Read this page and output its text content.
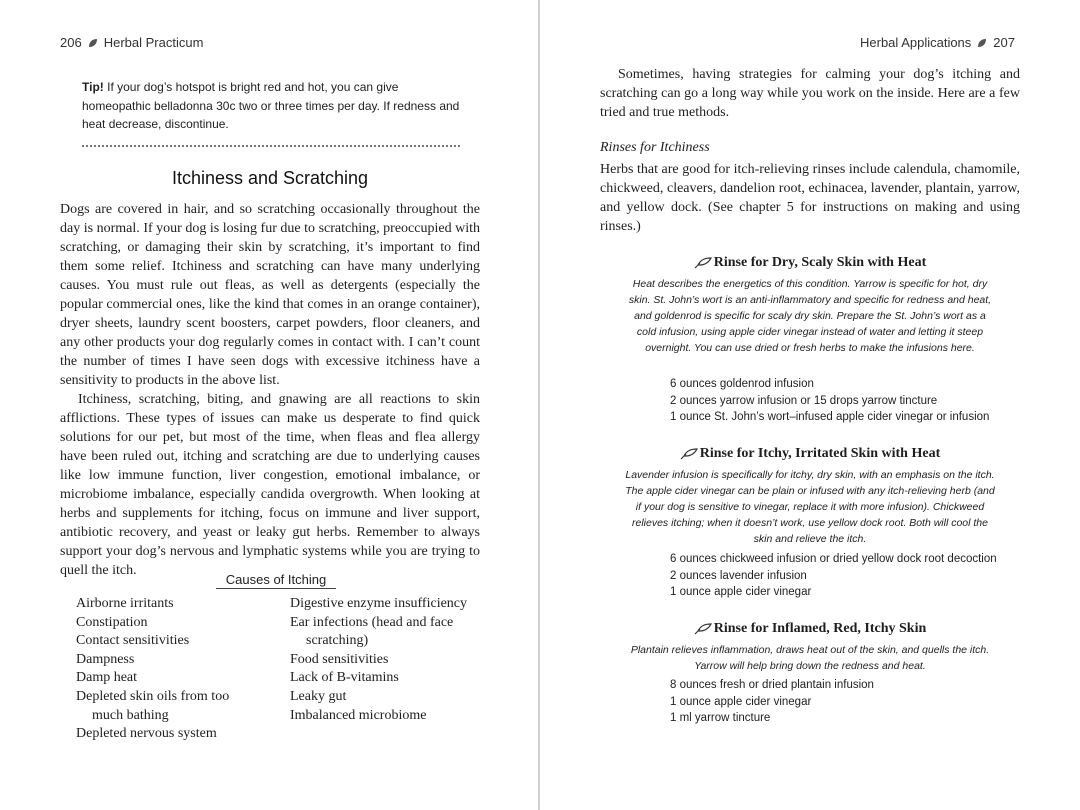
206 Herbal Practicum
Tip! If your dog’s hotspot is bright red and hot, you can give homeopathic belladonna 30c two or three times per day. If redness and heat decrease, discontinue.
Itchiness and Scratching

Dogs are covered in hair, and so scratching occasionally throughout the day is normal. If your dog is losing fur due to scratching, preoccupied with scratching, or damaging their skin by scratching, it’s important to find them some relief. Itchiness and scratching can have many underlying causes. You must rule out fleas, as well as detergents (especially the popular commercial ones, like the kind that comes in an orange container), dryer sheets, laundry scent boosters, carpet powders, floor cleaners, and any other products your dog regularly comes in contact with. I can’t count the number of times I have seen dogs with excessive itchiness have a sensitivity to products in the above list.

Itchiness, scratching, biting, and gnawing are all reactions to skin afflictions. These types of issues can make us desperate to find quick solutions for our pet, but most of the time, when fleas and flea allergy have been ruled out, itching and scratching are due to underlying causes like low immune function, liver congestion, emotional imbalance, or microbiome imbalance, especially candida overgrowth. When looking at herbs and supplements for itching, focus on immune and liver support, antibiotic recovery, and yeast or leaky gut herbs. Remember to always support your dog’s nervous and lymphatic systems while you are trying to quell the itch.

Causes of Itching
Airborne irritants
Constipation
Contact sensitivities
Dampness
Damp heat
Depleted skin oils from too much bathing
Depleted nervous system
Digestive enzyme insufficiency
Ear infections (head and face scratching)
Food sensitivities
Lack of B-vitamins
Leaky gut
Imbalanced microbiome
Herbal Applications 207

Sometimes, having strategies for calming your dog’s itching and scratching can go a long way while you work on the inside. Here are a few tried and true methods.

Rinses for Itchiness

Herbs that are good for itch-relieving rinses include calendula, chamomile, chickweed, cleavers, dandelion root, echinacea, lavender, plantain, yarrow, and yellow dock. (See chapter 5 for instructions on making and using rinses.)

Rinse for Dry, Scaly Skin with Heat

Heat describes the energetics of this condition. Yarrow is specific for hot, dry skin. St. John’s wort is an anti-inflammatory and specific for redness and heat, and goldenrod is specific for scaly dry skin. Prepare the St. John’s wort as a cold infusion, using apple cider vinegar instead of water and letting it steep overnight. You can use dried or fresh herbs to make the infusions here.

6 ounces goldenrod infusion
2 ounces yarrow infusion or 15 drops yarrow tincture
1 ounce St. John’s wort–infused apple cider vinegar or infusion
Rinse for Itchy, Irritated Skin with Heat

Lavender infusion is specifically for itchy, dry skin, with an emphasis on the itch. The apple cider vinegar can be plain or infused with any itch-relieving herb (and if your dog is sensitive to vinegar, replace it with more infusion). Chickweed relieves itching; when it doesn’t work, use yellow dock root. Both will cool the skin and relieve the itch.

6 ounces chickweed infusion or dried yellow dock root decoction
2 ounces lavender infusion
1 ounce apple cider vinegar
Rinse for Inflamed, Red, Itchy Skin

Plantain relieves inflammation, draws heat out of the skin, and quells the itch. Yarrow will help bring down the redness and heat.

8 ounces fresh or dried plantain infusion
1 ounce apple cider vinegar
1 ml yarrow tincture
